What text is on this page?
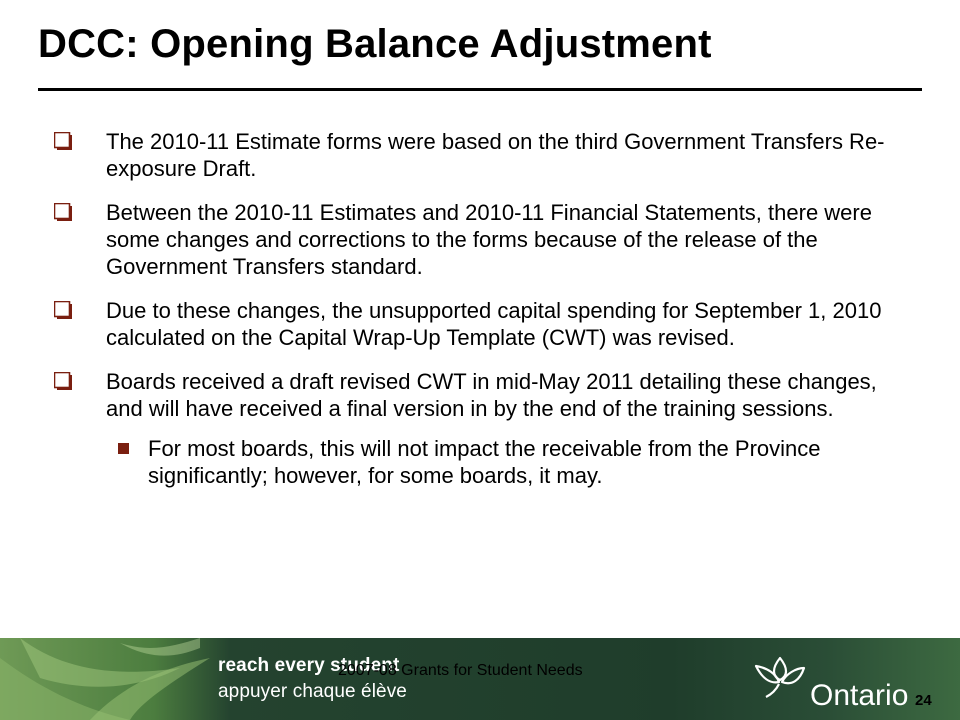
DCC: Opening Balance Adjustment
The 2010-11 Estimate forms were based on the third Government Transfers Re-exposure Draft.
Between the 2010-11 Estimates and 2010-11 Financial Statements, there were some changes and corrections to the forms because of the release of the Government Transfers standard.
Due to these changes, the unsupported capital spending for September 1, 2010 calculated on the Capital Wrap-Up Template (CWT) was revised.
Boards received a draft revised CWT in mid-May 2011 detailing these changes, and will have received a final version in by the end of the training sessions.
For most boards, this will not impact the receivable from the Province significantly; however, for some boards, it may.
reach every student
appuyer chaque élève
2007-08 Grants for Student Needs
Ontario 24
